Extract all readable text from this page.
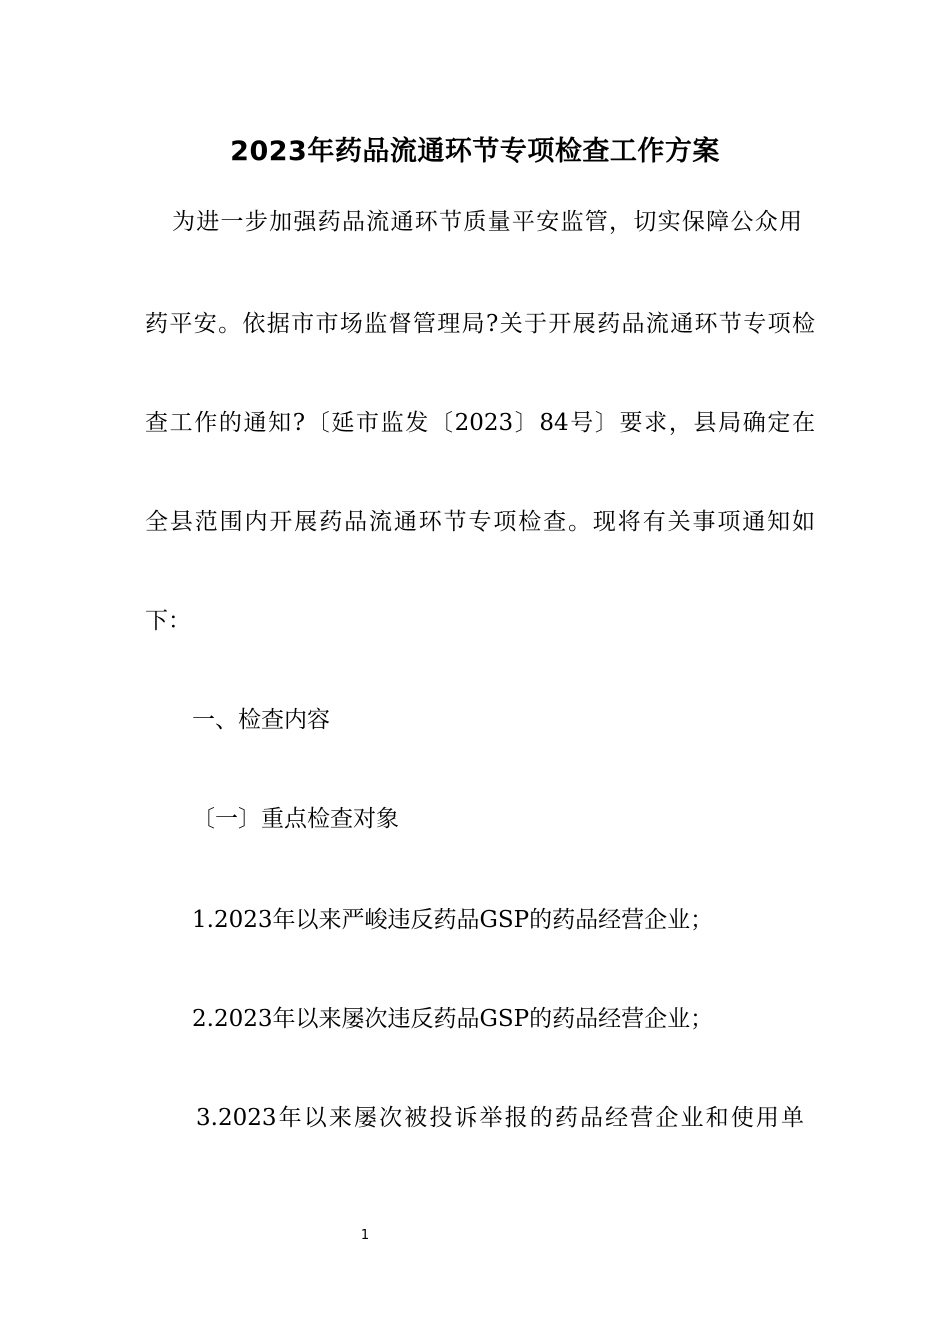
2023年药品流通环节专项检查工作方案
为进一步加强药品流通环节质量平安监管，切实保障公众用
药平安。依据市市场监督管理局?关于开展药品流通环节专项检
查工作的通知?〔延市监发〔2023〕84号〕要求，县局确定在
全县范围内开展药品流通环节专项检查。现将有关事项通知如
下：
一、检查内容
〔一〕重点检查对象
1.2023年以来严峻违反药品GSP的药品经营企业；
2.2023年以来屡次违反药品GSP的药品经营企业；
3.2023年以来屡次被投诉举报的药品经营企业和使用单
1
